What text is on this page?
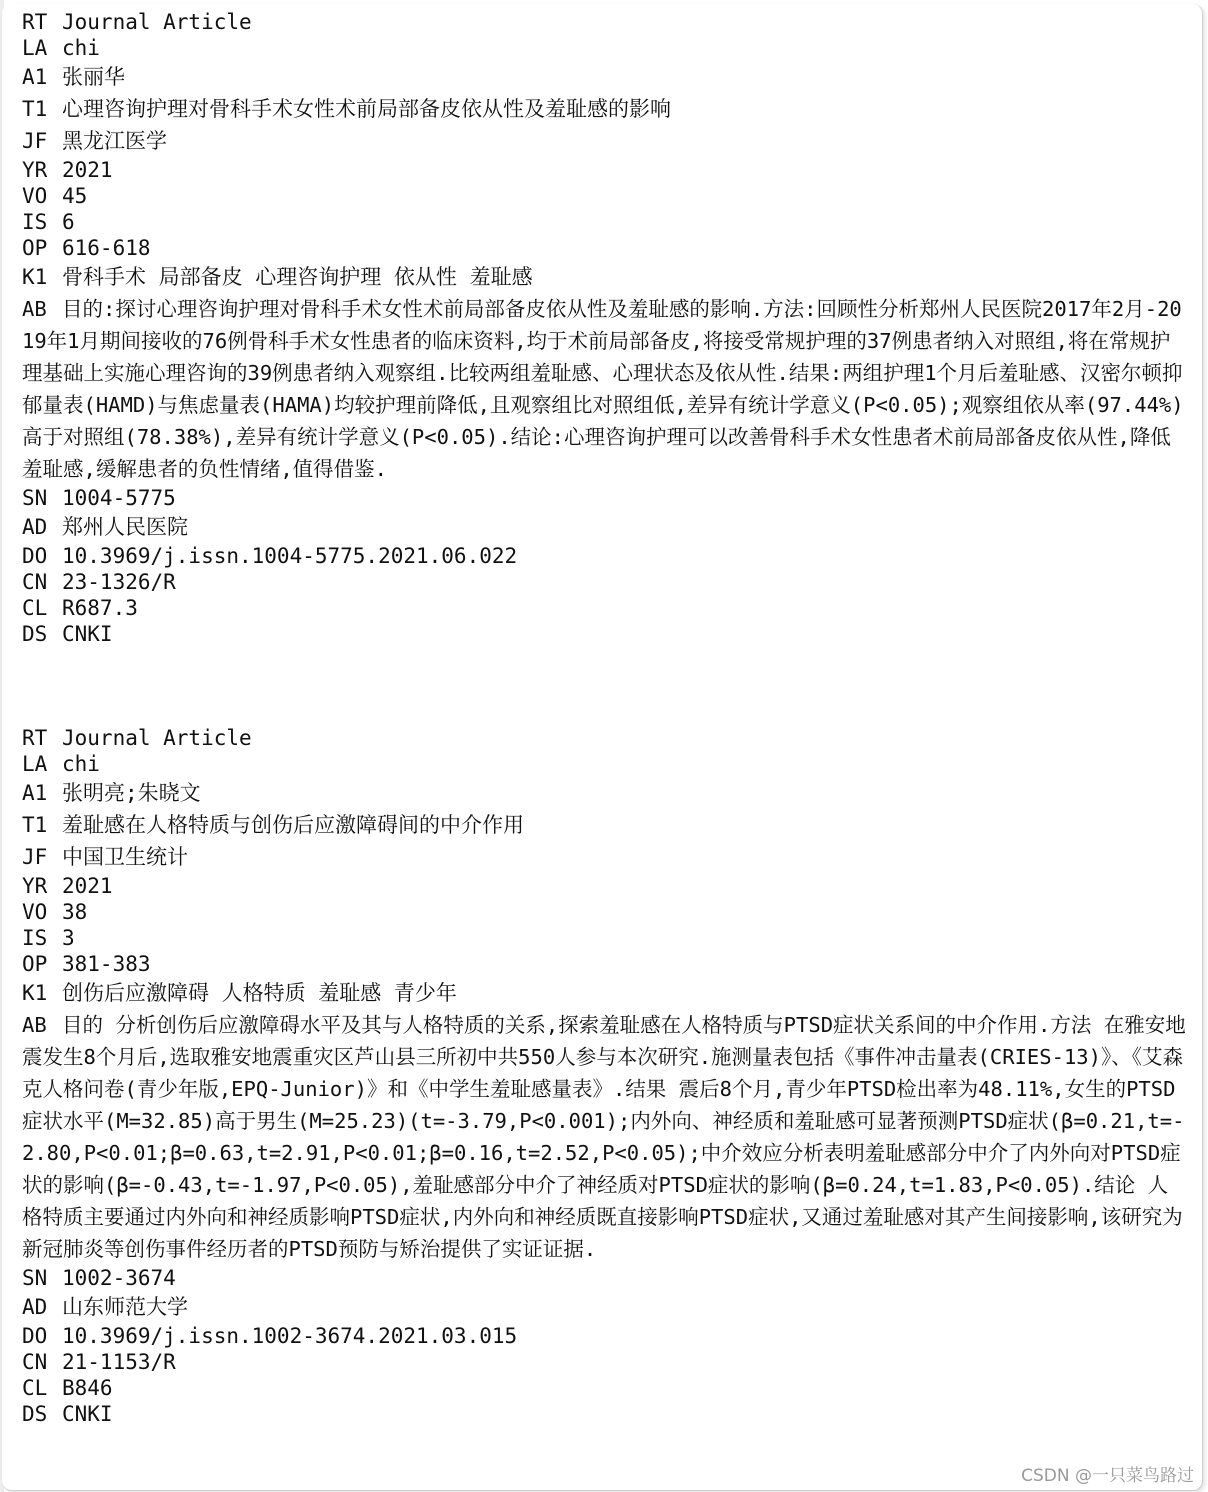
RTJournal Article

LAchi

A1张丽华

T1心理咨询护理对骨科手术女性术前局部备皮依从性及羞耻感的影响

JF黑龙江医学

YR2021

VO45

IS6

OP616-618

K1骨科手术 局部备皮 心理咨询护理 依从性 羞耻感

AB目的:探讨心理咨询护理对骨科手术女性术前局部备皮依从性及羞耻感的影响.方法:回顾性分析郑州人民医院2017年2月-2019年1月期间接收的76例骨科手术女性患者的临床资料,均于术前局部备皮,将接受常规护理的37例患者纳入对照组,将在常规护理基础上实施心理咨询的39例患者纳入观察组.比较两组羞耻感、心理状态及依从性.结果:两组护理1个月后羞耻感、汉密尔顿抑郁量表(HAMD)与焦虑量表(HAMA)均较护理前降低,且观察组比对照组低,差异有统计学意义(P<0.05);观察组依从率(97.44%)高于对照组(78.38%),差异有统计学意义(P<0.05).结论:心理咨询护理可以改善骨科手术女性患者术前局部备皮依从性,降低羞耻感,缓解患者的负性情绪,值得借鉴.

SN1004-5775

AD郑州人民医院

DO10.3969/j.issn.1004-5775.2021.06.022

CN23-1326/R

CLR687.3

DSCNKI

RTJournal Article

LAchi

A1张明亮;朱晓文

T1羞耻感在人格特质与创伤后应激障碍间的中介作用

JF中国卫生统计

YR2021

VO38

IS3

OP381-383

K1创伤后应激障碍 人格特质 羞耻感 青少年

AB目的 分析创伤后应激障碍水平及其与人格特质的关系,探索羞耻感在人格特质与PTSD症状关系间的中介作用.方法 在雅安地震发生8个月后,选取雅安地震重灾区芦山县三所初中共550人参与本次研究.施测量表包括《事件冲击量表(CRIES-13)》、《艾森克人格问卷(青少年版,EPQ-Junior)》和《中学生羞耻感量表》.结果 震后8个月,青少年PTSD检出率为48.11%,女生的PTSD症状水平(M=32.85)高于男生(M=25.23)(t=-3.79,P<0.001);内外向、神经质和羞耻感可显著预测PTSD症状(β=0.21,t=-2.80,P<0.01;β=0.63,t=2.91,P<0.01;β=0.16,t=2.52,P<0.05);中介效应分析表明羞耻感部分中介了内外向对PTSD症状的影响(β=-0.43,t=-1.97,P<0.05),羞耻感部分中介了神经质对PTSD症状的影响(β=0.24,t=1.83,P<0.05).结论 人格特质主要通过内外向和神经质影响PTSD症状,内外向和神经质既直接影响PTSD症状,又通过羞耻感对其产生间接影响,该研究为新冠肺炎等创伤事件经历者的PTSD预防与矫治提供了实证证据.

SN1002-3674

AD山东师范大学

DO10.3969/j.issn.1002-3674.2021.03.015

CN21-1153/R

CLB846

DSCNKI

CSDN @一只菜鸟路过
